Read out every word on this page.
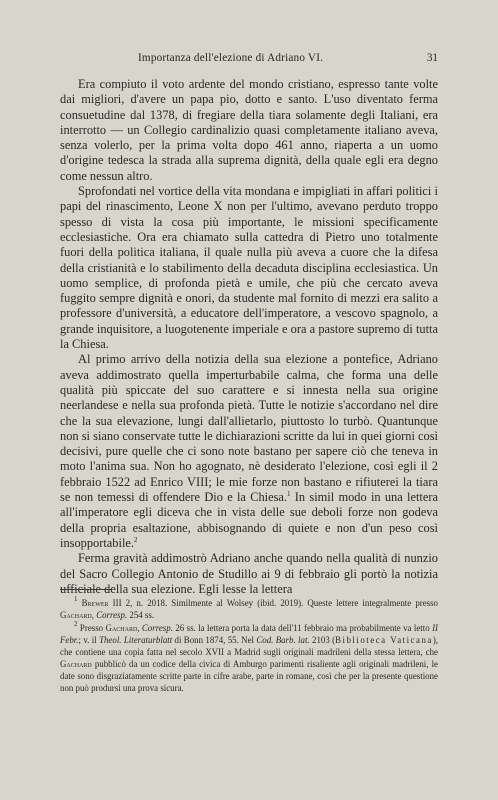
Importanza dell'elezione di Adriano VI.	31

Era compiuto il voto ardente del mondo cristiano, espresso tante volte dai migliori, d'avere un papa pio, dotto e santo. L'uso diventato ferma consuetudine dal 1378, di fregiare della tiara solamente degli Italiani, era interrotto — un Collegio cardinalizio quasi completamente italiano aveva, senza volerlo, per la prima volta dopo 461 anno, riaperta a un uomo d'origine tedesca la strada alla suprema dignità, della quale egli era degno come nessun altro.

Sprofondati nel vortice della vita mondana e impigliati in affari politici i papi del rinascimento, Leone X non per l'ultimo, avevano perduto troppo spesso di vista la cosa più importante, le missioni specificamente ecclesiastiche. Ora era chiamato sulla cattedra di Pietro uno totalmente fuori della politica italiana, il quale nulla più aveva a cuore che la difesa della cristianità e lo stabilimento della decaduta disciplina ecclesiastica. Un uomo semplice, di profonda pietà e umile, che più che cercato aveva fuggito sempre dignità e onori, da studente mal fornito di mezzi era salito a professore d'università, a educatore dell'imperatore, a vescovo spagnolo, a grande inquisitore, a luogotenente imperiale e ora a pastore supremo di tutta la Chiesa.

Al primo arrivo della notizia della sua elezione a pontefice, Adriano aveva addimostrato quella imperturbabile calma, che forma una delle qualità più spiccate del suo carattere e si innesta nella sua origine neerlandese e nella sua profonda pietà. Tutte le notizie s'accordano nel dire che la sua elevazione, lungi dall'allietarlo, piuttosto lo turbò. Quantunque non si siano conservate tutte le dichiarazioni scritte da lui in quei giorni così decisivi, pure quelle che ci sono note bastano per sapere ciò che teneva in moto l'anima sua. Non ho agognato, nè desiderato l'elezione, così egli il 2 febbraio 1522 ad Enrico VIII; le mie forze non bastano e rifiuterei la tiara se non temessi di offendere Dio e la Chiesa.$^1$ In simil modo in una lettera all'imperatore egli diceva che in vista delle sue deboli forze non godeva della propria esaltazione, abbisognando di quiete e non d'un peso così insopportabile.$^2$

Ferma gravità addimostrò Adriano anche quando nella qualità di nunzio del Sacro Collegio Antonio de Studillo ai 9 di febbraio gli portò la notizia ufficiale della sua elezione. Egli lesse la lettera

$^1$ Brewer III 2, n. 2018. Similmente al Wolsey (ibid. 2019). Queste lettere integralmente presso Gachard, Corresp. 254 ss.

$^2$ Presso Gachard, Corresp. 26 ss. la lettera porta la data dell'11 febbraio ma probabilmente va letto II Febr.; v. il Theol. Literaturblatt di Bonn 1874, 55. Nel Cod. Barb. lat. 2103 (Biblioteca Vaticana), che contiene una copia fatta nel secolo XVII a Madrid sugli originali madrileni della stessa lettera, che Gachard pubblicò da un codice della civica di Amburgo parimenti risaliente agli originali madrileni, le date sono disgraziatamente scritte parte in cifre arabe, parte in romane, così che per la presente questione non può prodursi una prova sicura.
